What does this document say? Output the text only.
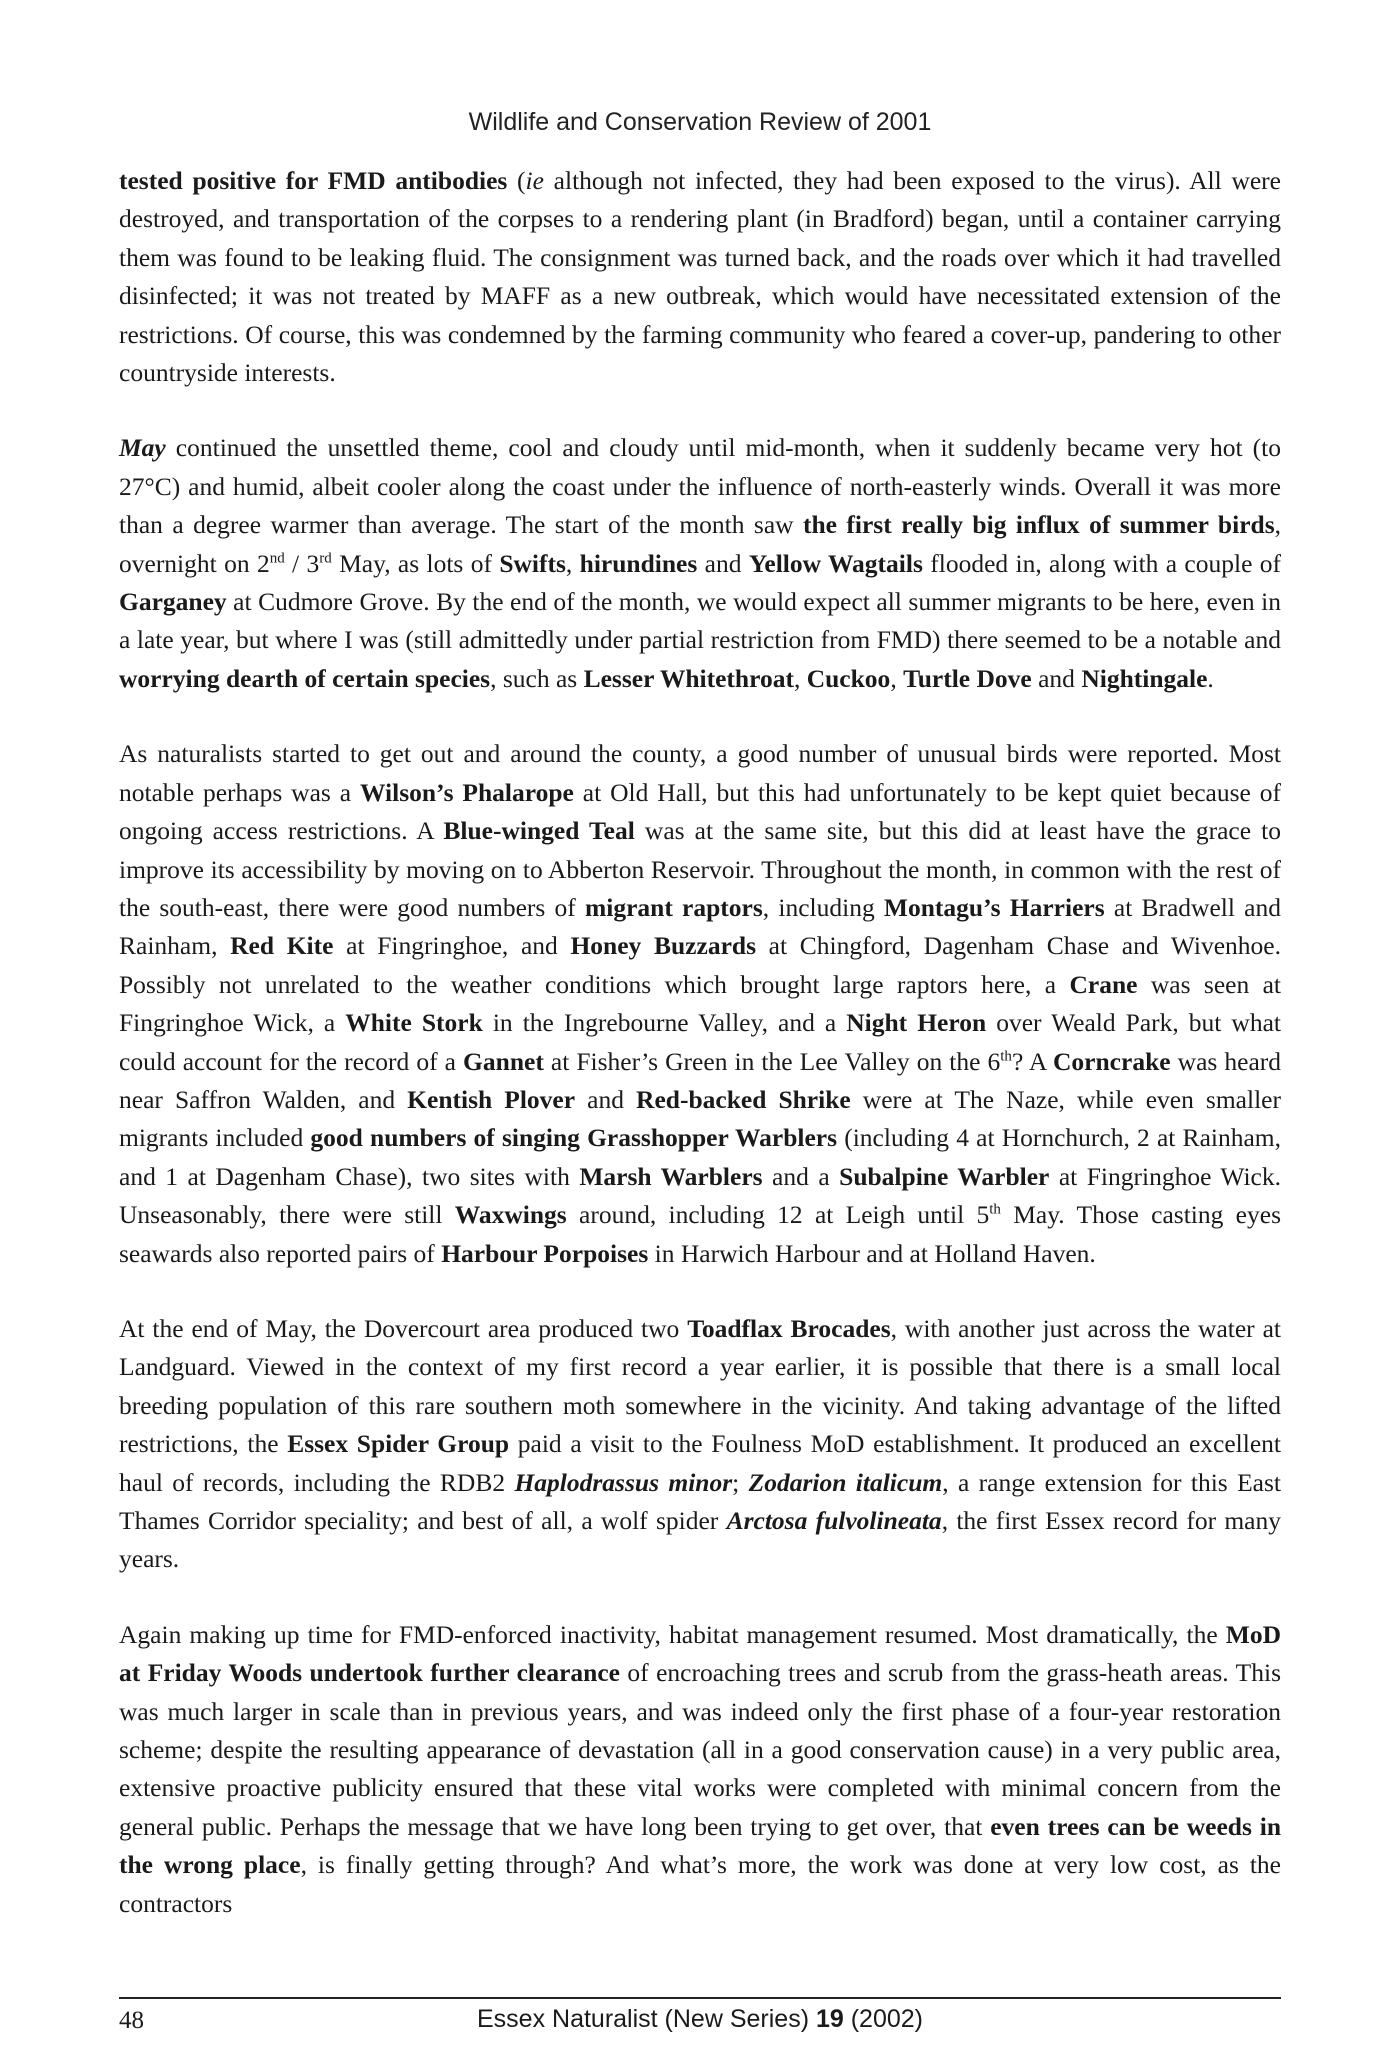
Wildlife and Conservation Review of 2001

tested positive for FMD antibodies (ie although not infected, they had been exposed to the virus). All were destroyed, and transportation of the corpses to a rendering plant (in Bradford) began, until a container carrying them was found to be leaking fluid. The consignment was turned back, and the roads over which it had travelled disinfected; it was not treated by MAFF as a new outbreak, which would have necessitated extension of the restrictions. Of course, this was condemned by the farming community who feared a cover-up, pandering to other countryside interests.

May continued the unsettled theme, cool and cloudy until mid-month, when it suddenly became very hot (to 27°C) and humid, albeit cooler along the coast under the influence of north-easterly winds. Overall it was more than a degree warmer than average. The start of the month saw the first really big influx of summer birds, overnight on 2nd / 3rd May, as lots of Swifts, hirundines and Yellow Wagtails flooded in, along with a couple of Garganey at Cudmore Grove. By the end of the month, we would expect all summer migrants to be here, even in a late year, but where I was (still admittedly under partial restriction from FMD) there seemed to be a notable and worrying dearth of certain species, such as Lesser Whitethroat, Cuckoo, Turtle Dove and Nightingale.

As naturalists started to get out and around the county, a good number of unusual birds were reported. Most notable perhaps was a Wilson’s Phalarope at Old Hall, but this had unfortunately to be kept quiet because of ongoing access restrictions. A Blue-winged Teal was at the same site, but this did at least have the grace to improve its accessibility by moving on to Abberton Reservoir. Throughout the month, in common with the rest of the south-east, there were good numbers of migrant raptors, including Montagu’s Harriers at Bradwell and Rainham, Red Kite at Fingringhoe, and Honey Buzzards at Chingford, Dagenham Chase and Wivenhoe. Possibly not unrelated to the weather conditions which brought large raptors here, a Crane was seen at Fingringhoe Wick, a White Stork in the Ingrebourne Valley, and a Night Heron over Weald Park, but what could account for the record of a Gannet at Fisher’s Green in the Lee Valley on the 6th? A Corncrake was heard near Saffron Walden, and Kentish Plover and Red-backed Shrike were at The Naze, while even smaller migrants included good numbers of singing Grasshopper Warblers (including 4 at Hornchurch, 2 at Rainham, and 1 at Dagenham Chase), two sites with Marsh Warblers and a Subalpine Warbler at Fingringhoe Wick. Unseasonably, there were still Waxwings around, including 12 at Leigh until 5th May. Those casting eyes seawards also reported pairs of Harbour Porpoises in Harwich Harbour and at Holland Haven.

At the end of May, the Dovercourt area produced two Toadflax Brocades, with another just across the water at Landguard. Viewed in the context of my first record a year earlier, it is possible that there is a small local breeding population of this rare southern moth somewhere in the vicinity. And taking advantage of the lifted restrictions, the Essex Spider Group paid a visit to the Foulness MoD establishment. It produced an excellent haul of records, including the RDB2 Haplodrassus minor; Zodarion italicum, a range extension for this East Thames Corridor speciality; and best of all, a wolf spider Arctosa fulvolineata, the first Essex record for many years.

Again making up time for FMD-enforced inactivity, habitat management resumed. Most dramatically, the MoD at Friday Woods undertook further clearance of encroaching trees and scrub from the grass-heath areas. This was much larger in scale than in previous years, and was indeed only the first phase of a four-year restoration scheme; despite the resulting appearance of devastation (all in a good conservation cause) in a very public area, extensive proactive publicity ensured that these vital works were completed with minimal concern from the general public. Perhaps the message that we have long been trying to get over, that even trees can be weeds in the wrong place, is finally getting through? And what’s more, the work was done at very low cost, as the contractors

48	Essex Naturalist (New Series) 19 (2002)
